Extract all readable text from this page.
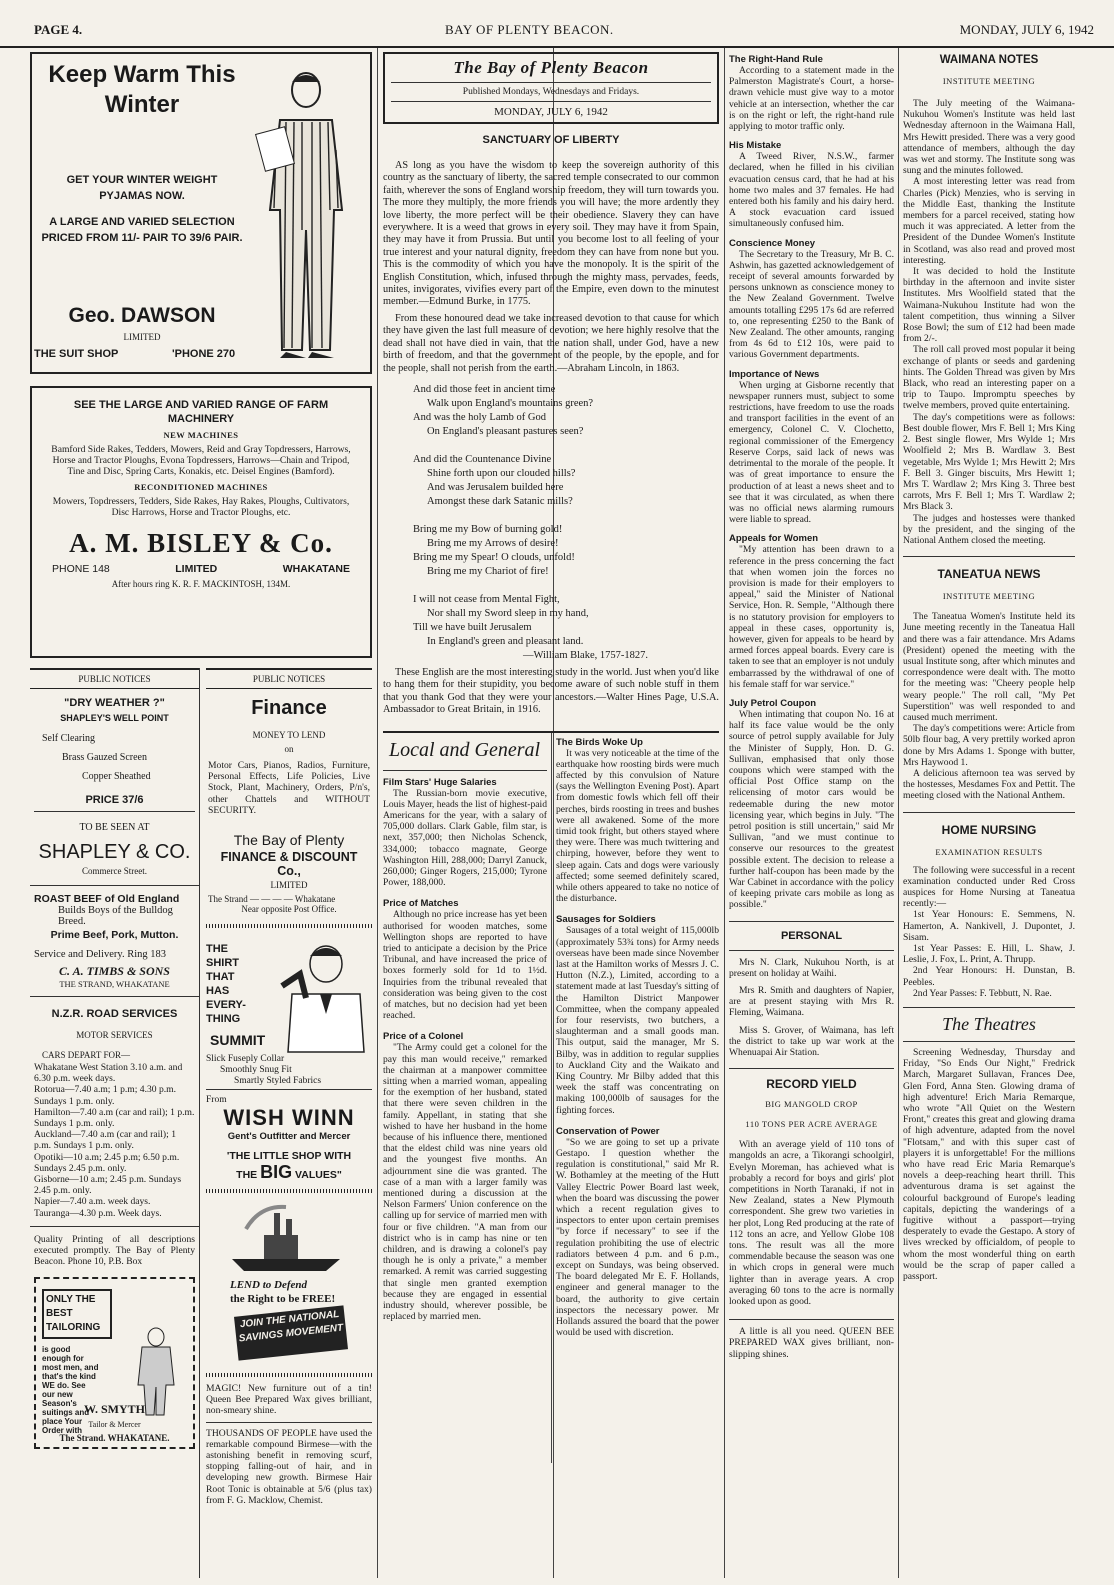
PAGE 4.	BAY OF PLENTY BEACON.	MONDAY, JULY 6, 1942
Keep Warm This Winter
GET YOUR WINTER WEIGHT PYJAMAS NOW.
A LARGE AND VARIED SELECTION PRICED FROM 11/- PAIR TO 39/6 PAIR.
Geo. DAWSON
LIMITED
THE SUIT SHOP	'PHONE 270
SEE THE LARGE AND VARIED RANGE OF FARM MACHINERY
NEW MACHINES

Bamford Side Rakes, Tedders, Mowers, Reid and Gray Topdressers, Harrows, Horse and Tractor Ploughs, Evona Topdressers, Harrows—Chain and Tripod, Tine and Disc, Spring Carts, Konakis, etc. Deisel Engines (Bamford).

RECONDITIONED MACHINES

Mowers, Topdressers, Tedders, Side Rakes, Hay Rakes, Ploughs, Cultivators, Disc Harrows, Horse and Tractor Ploughs, etc.

A. M. BISLEY & Co.
PHONE 148	LIMITED	WHAKATANE
After hours ring K. R. F. MACKINTOSH, 134M.
PUBLIC NOTICES
"DRY WEATHER ?"
SHAPLEY'S WELL POINT
Self Clearing
Brass Gauzed Screen
Copper Sheathed
PRICE 37/6
TO BE SEEN AT
SHAPLEY & CO.
Commerce Street.
ROAST BEEF of Old England
Builds Boys of the Bulldog Breed.
Prime Beef, Pork, Mutton.
Service and Delivery. Ring 183
C. A. TIMBS & SONS
THE STRAND, WHAKATANE
N.Z.R. ROAD SERVICES
MOTOR SERVICES
CARS DEPART FOR—

Whakatane West Station 3.10 a.m. and 6.30 p.m. week days.

Rotorua—7.40 a.m; 1 p.m; 4.30 p.m. Sundays 1 p.m. only.

Hamilton—7.40 a.m (car and rail); 1 p.m. Sundays 1 p.m. only.

Auckland—7.40 a.m (car and rail); 1 p.m. Sundays 1 p.m. only.

Opotiki—10 a.m; 2.45 p.m; 6.50 p.m. Sundays 2.45 p.m. only.

Gisborne—10 a.m; 2.45 p.m. Sundays 2.45 p.m. only.

Napier—7.40 a.m. week days.

Tauranga—4.30 p.m. Week days.

Quality Printing of all descriptions executed promptly. The Bay of Plenty Beacon. Phone 10, P.B. Box

ONLY THE
BEST
TAILORING
is good enough for most men, and that's the kind WE do. See our new Season's suitings and place Your Order with
W. SMYTH
Tailor & Mercer
The Strand. WHAKATANE.
PUBLIC NOTICES
Finance
MONEY TO LEND
on

Motor Cars, Pianos, Radios, Furniture, Personal Effects, Life Policies, Live Stock, Plant, Machinery, Orders, P/n's, other Chattels and WITHOUT SECURITY.

The Bay of Plenty
FINANCE & DISCOUNT Co.,
LIMITED
The Strand — — — — Whakatane
Near opposite Post Office.
THE
SHIRT
THAT
HAS
EVERY-
THING
SUMMIT
Slick Fuseply Collar
Smoothly Snug Fit
Smartly Styled Fabrics
From
WISH WINN
Gent's Outfitter and Mercer
'THE LITTLE SHOP WITH
THE BIG VALUES"
LEND to Defend
the Right to be FREE!
JOIN THE NATIONAL SAVINGS MOVEMENT

MAGIC! New furniture out of a tin! Queen Bee Prepared Wax gives brilliant, non-smeary shine.

THOUSANDS OF PEOPLE have used the remarkable compound Birmese—with the astonishing benefit in removing scurf, stopping falling-out of hair, and in developing new growth. Birmese Hair Root Tonic is obtainable at 5/6 (plus tax) from F. G. Macklow, Chemist.

The Bay of Plenty Beacon
Published Mondays, Wednesdays and Fridays.
MONDAY, JULY 6, 1942
SANCTUARY OF LIBERTY

AS long as you have the wisdom to keep the sovereign authority of this country as the sanctuary of liberty, the sacred temple consecrated to our common faith, wherever the sons of England worship freedom, they will turn towards you. The more they multiply, the more friends you will have; the more ardently they love liberty, the more perfect will be their obedience. Slavery they can have everywhere. It is a weed that grows in every soil. They may have it from Spain, they may have it from Prussia. But until you become lost to all feeling of your true interest and your natural dignity, freedom they can have from none but you. This is the commodity of which you have the monopoly. It is the spirit of the English Constitution, which, infused through the mighty mass, pervades, feeds, unites, invigorates, vivifies every part of the Empire, even down to the minutest member.—Edmund Burke, in 1775.

From these honoured dead we take increased devotion to that cause for which they have given the last full measure of devotion; we here highly resolve that the dead shall not have died in vain, that the nation shall, under God, have a new birth of freedom, and that the government of the people, by the epople, and for the people, shall not perish from the earth.—Abraham Lincoln, in 1863.

And did those feet in ancient time
Walk upon England's mountains green?
And was the holy Lamb of God
On England's pleasant pastures seen?
And did the Countenance Divine
Shine forth upon our clouded hills?
And was Jerusalem builded here
Amongst these dark Satanic mills?
Bring me my Bow of burning gold!
Bring me my Arrows of desire!
Bring me my Spear! O clouds, unfold!
Bring me my Chariot of fire!
I will not cease from Mental Fight,
Nor shall my Sword sleep in my hand,
Till we have built Jerusalem
In England's green and pleasant land.
—William Blake, 1757-1827.

These English are the most interesting study in the world. Just when you'd like to hang them for their stupidity, you become aware of such noble stuff in them that you thank God that they were your ancestors.—Walter Hines Page, U.S.A. Ambassador to Great Britain, in 1916.

Local and General
Film Stars' Huge Salaries

The Russian-born movie executive, Louis Mayer, heads the list of highest-paid Americans for the year, with a salary of 705,000 dollars. Clark Gable, film star, is next, 357,000; then Nicholas Schenck, 334,000; tobacco magnate, George Washington Hill, 288,000; Darryl Zanuck, 260,000; Ginger Rogers, 215,000; Tyrone Power, 188,000.

Price of Matches

Although no price increase has yet been authorised for wooden matches, some Wellington shops are reported to have tried to anticipate a decision by the Price Tribunal, and have increased the price of boxes formerly sold for 1d to 1½d. Inquiries from the tribunal revealed that consideration was being given to the cost of matches, but no decision had yet been reached.

Price of a Colonel

"The Army could get a colonel for the pay this man would receive," remarked the chairman at a manpower committee sitting when a married woman, appealing for the exemption of her husband, stated that there were seven children in the family. Appellant, in stating that she wished to have her husband in the home because of his influence there, mentioned that the eldest child was nine years old and the youngest five months. An adjournment sine die was granted. The case of a man with a larger family was mentioned during a discussion at the Nelson Farmers' Union conference on the calling up for service of married men with four or five children. "A man from our district who is in camp has nine or ten children, and is drawing a colonel's pay though he is only a private," a member remarked. A remit was carried suggesting that single men granted exemption because they are engaged in essential industry should, wherever possible, be replaced by married men.

The Birds Woke Up

It was very noticeable at the time of the earthquake how roosting birds were much affected by this convulsion of Nature (says the Wellington Evening Post). Apart from domestic fowls which fell off their perches, birds roosting in trees and bushes were all awakened. Some of the more timid took fright, but others stayed where they were. There was much twittering and chirping, however, before they went to sleep again. Cats and dogs were variously affected; some seemed definitely scared, while others appeared to take no notice of the disturbance.

Sausages for Soldiers

Sausages of a total weight of 115,000lb (approximately 53¾ tons) for Army needs overseas have been made since November last at the Hamilton works of Messrs J. C. Hutton (N.Z.), Limited, according to a statement made at last Tuesday's sitting of the Hamilton District Manpower Committee, when the company appealed for four reservists, two butchers, a slaughterman and a small goods man. This output, said the manager, Mr S. Bilby, was in addition to regular supplies to Auckland City and the Waikato and King Country. Mr Bilby added that this week the staff was concentrating on making 100,000lb of sausages for the fighting forces.

Conservation of Power

"So we are going to set up a private Gestapo. I question whether the regulation is constitutional," said Mr R. W. Bothamley at the meeting of the Hutt Valley Electric Power Board last week, when the board was discussing the power which a recent regulation gives to inspectors to enter upon certain premises "by force if necessary" to see if the regulation prohibiting the use of electric radiators between 4 p.m. and 6 p.m., except on Sundays, was being observed. The board delegated Mr E. F. Hollands, engineer and general manager to the board, the authority to give certain inspectors the necessary power. Mr Hollands assured the board that the power would be used with discretion.

The Right-Hand Rule

According to a statement made in the Palmerston Magistrate's Court, a horse-drawn vehicle must give way to a motor vehicle at an intersection, whether the car is on the right or left, the right-hand rule applying to motor traffic only.

His Mistake

A Tweed River, N.S.W., farmer declared, when he filled in his civilian evacuation census card, that he had at his home two males and 37 females. He had entered both his family and his dairy herd. A stock evacuation card issued simultaneously confused him.

Conscience Money

The Secretary to the Treasury, Mr B. C. Ashwin, has gazetted acknowledgement of receipt of several amounts forwarded by persons unknown as conscience money to the New Zealand Government. Twelve amounts totalling £295 17s 6d are referred to, one representing £250 to the Bank of New Zealand. The other amounts, ranging from 4s 6d to £12 10s, were paid to various Government departments.

Importance of News

When urging at Gisborne recently that newspaper runners must, subject to some restrictions, have freedom to use the roads and transport facilities in the event of an emergency, Colonel C. V. Clochetto, regional commissioner of the Emergency Reserve Corps, said lack of news was detrimental to the morale of the people. It was of great importance to ensure the production of at least a news sheet and to see that it was circulated, as when there was no official news alarming rumours were liable to spread.

Appeals for Women

"My attention has been drawn to a reference in the press concerning the fact that when women join the forces no provision is made for their employers to appeal," said the Minister of National Service, Hon. R. Semple, "Although there is no statutory provision for employers to appeal in these cases, opportunity is, however, given for appeals to be heard by armed forces appeal boards. Every care is taken to see that an employer is not unduly embarrassed by the withdrawal of one of his female staff for war service."

July Petrol Coupon

When intimating that coupon No. 16 at half its face value would be the only source of petrol supply available for July the Minister of Supply, Hon. D. G. Sullivan, emphasised that only those coupons which were stamped with the official Post Office stamp on the relicensing of motor cars would be redeemable during the new motor licensing year, which begins in July. "The petrol position is still uncertain," said Mr Sullivan, "and we must continue to conserve our resources to the greatest possible extent. The decision to release a further half-coupon has been made by the War Cabinet in accordance with the policy of keeping private cars mobile as long as possible."

PERSONAL

Mrs N. Clark, Nukuhou North, is at present on holiday at Waihi.

Mrs R. Smith and daughters of Napier, are at present staying with Mrs R. Fleming, Waimana.

Miss S. Grover, of Waimana, has left the district to take up war work at the Whenuapai Air Station.

RECORD YIELD
BIG MANGOLD CROP
110 TONS PER ACRE AVERAGE

With an average yield of 110 tons of mangolds an acre, a Tikorangi schoolgirl, Evelyn Moreman, has achieved what is probably a record for boys and girls' plot competitions in North Taranaki, if not in New Zealand, states a New Plymouth correspondent. She grew two varieties in her plot, Long Red producing at the rate of 112 tons an acre, and Yellow Globe 108 tons. The result was all the more commendable because the season was one in which crops in general were much lighter than in average years. A crop averaging 60 tons to the acre is normally looked upon as good.

A little is all you need. QUEEN BEE PREPARED WAX gives brilliant, non-slipping shines.

WAIMANA NOTES
INSTITUTE MEETING

The July meeting of the Waimana-Nukuhou Women's Institute was held last Wednesday afternoon in the Waimana Hall, Mrs Hewitt presided. There was a very good attendance of members, although the day was wet and stormy. The Institute song was sung and the minutes followed.

A most interesting letter was read from Charles (Pick) Menzies, who is serving in the Middle East, thanking the Institute members for a parcel received, stating how much it was appreciated. A letter from the President of the Dundee Women's Institute in Scotland, was also read and proved most interesting.

It was decided to hold the Institute birthday in the afternoon and invite sister Institutes. Mrs Woolfield stated that the Waimana-Nukuhou Institute had won the talent competition, thus winning a Silver Rose Bowl; the sum of £12 had been made from 2/-.

The roll call proved most popular it being exchange of plants or seeds and gardening hints. The Golden Thread was given by Mrs Black, who read an interesting paper on a trip to Taupo. Impromptu speeches by twelve members, proved quite entertaining.

The day's competitions were as follows: Best double flower, Mrs F. Bell 1; Mrs King 2. Best single flower, Mrs Wylde 1; Mrs Woolfield 2; Mrs B. Wardlaw 3. Best vegetable, Mrs Wylde 1; Mrs Hewitt 2; Mrs F. Bell 3. Ginger biscuits, Mrs Hewitt 1; Mrs T. Wardlaw 2; Mrs King 3. Three best carrots, Mrs F. Bell 1; Mrs T. Wardlaw 2; Mrs Black 3.

The judges and hostesses were thanked by the president, and the singing of the National Anthem closed the meeting.

TANEATUA NEWS
INSTITUTE MEETING

The Taneatua Women's Institute held its June meeting recently in the Taneatua Hall and there was a fair attendance. Mrs Adams (President) opened the meeting with the usual Institute song, after which minutes and correspondence were dealt with. The motto for the meeting was: "Cheery people help weary people." The roll call, "My Pet Superstition" was well responded to and caused much merriment.

The day's competitions were: Article from 50lb flour bag, A very prettily worked apron done by Mrs Adams 1. Sponge with butter, Mrs Haywood 1.

A delicious afternoon tea was served by the hostesses, Mesdames Fox and Pettit. The meeting closed with the National Anthem.

HOME NURSING
EXAMINATION RESULTS

The following were successful in a recent examination conducted under Red Cross auspices for Home Nursing at Taneatua recently:—

1st Year Honours: E. Semmens, N. Hamerton, A. Nankivell, J. Dupontet, J. Sisam.

1st Year Passes: E. Hill, L. Shaw, J. Leslie, J. Fox, L. Print, A. Thrupp.

2nd Year Honours: H. Dunstan, B. Peebles.

2nd Year Passes: F. Tebbutt, N. Rae.

The Theatres

Screening Wednesday, Thursday and Friday, "So Ends Our Night," Fredrick March, Margaret Sullavan, Frances Dee, Glen Ford, Anna Sten. Glowing drama of high adventure! Erich Maria Remarque, who wrote "All Quiet on the Western Front," creates this great and glowing drama of high adventure, adapted from the novel "Flotsam," and with this super cast of players it is unforgettable! For the millions who have read Eric Maria Remarque's novels a deep-reaching heart thrill. This adventurous drama is set against the colourful background of Europe's leading capitals, depicting the wanderings of a fugitive without a passport—trying desperately to evade the Gestapo. A story of lives wrecked by officialdom, of people to whom the most wonderful thing on earth would be the scrap of paper called a passport.
